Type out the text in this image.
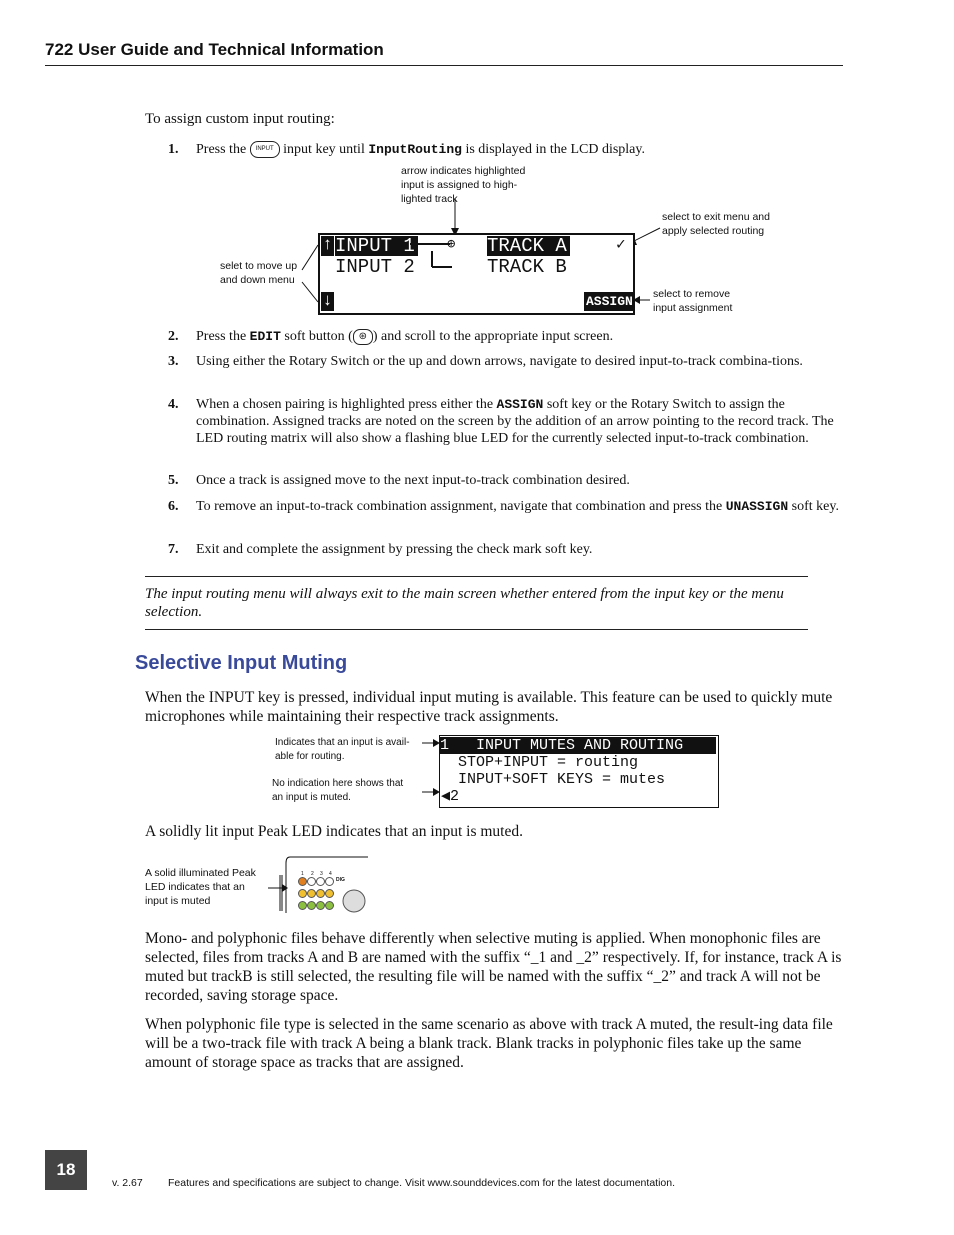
722 User Guide and Technical Information
To assign custom input routing:
1. Press the INPUT input key until InputRouting is displayed in the LCD display.
arrow indicates highlighted
input is assigned to high-
lighted track
selet to move up
and down menu
select to exit menu and
apply selected routing
select to remove
input assignment
↑ INPUT 1
INPUT 2
⊕ TRACK A
TRACK B
✓
↓	ASSIGN
2. Press the EDIT soft button ( ⊛ ) and scroll to the appropriate input screen.
3. Using either the Rotary Switch or the up and down arrows, navigate to desired input-to-track combina-tions.
4. When a chosen pairing is highlighted press either the ASSIGN soft key or the Rotary Switch to assign the combination. Assigned tracks are noted on the screen by the addition of an arrow pointing to the record track. The LED routing matrix will also show a flashing blue LED for the currently selected input-to-track combination.
5. Once a track is assigned move to the next input-to-track combination desired.
6. To remove an input-to-track combination assignment, navigate that combination and press the UNASSIGN soft key.
7. Exit and complete the assignment by pressing the check mark soft key.
The input routing menu will always exit to the main screen whether entered from the input key or the menu selection.
Selective Input Muting
When the INPUT key is pressed, individual input muting is available. This feature can be used to quickly mute microphones while maintaining their respective track assignments.
Indicates that an input is avail-
able for routing.
No indication here shows that
an input is muted.
1 INPUT MUTES AND ROUTING
STOP+INPUT = routing
INPUT+SOFT KEYS = mutes
◀2
A solidly lit input Peak LED indicates that an input is muted.
A solid illuminated Peak
LED indicates that an
input is muted
1 2 3 4
DIG
Mono- and polyphonic files behave differently when selective muting is applied. When monophonic files are selected, files from tracks A and B are named with the suffix “_1 and _2” respectively. If, for instance, track A is muted but trackB is still selected, the resulting file will be named with the suffix “_2” and track A will not be recorded, saving storage space.
When polyphonic file type is selected in the same scenario as above with track A muted, the result-ing data file will be a two-track file with track A being a blank track. Blank tracks in polyphonic files take up the same amount of storage space as tracks that are assigned.
18
v. 2.67 Features and specifications are subject to change. Visit www.sounddevices.com for the latest documentation.
